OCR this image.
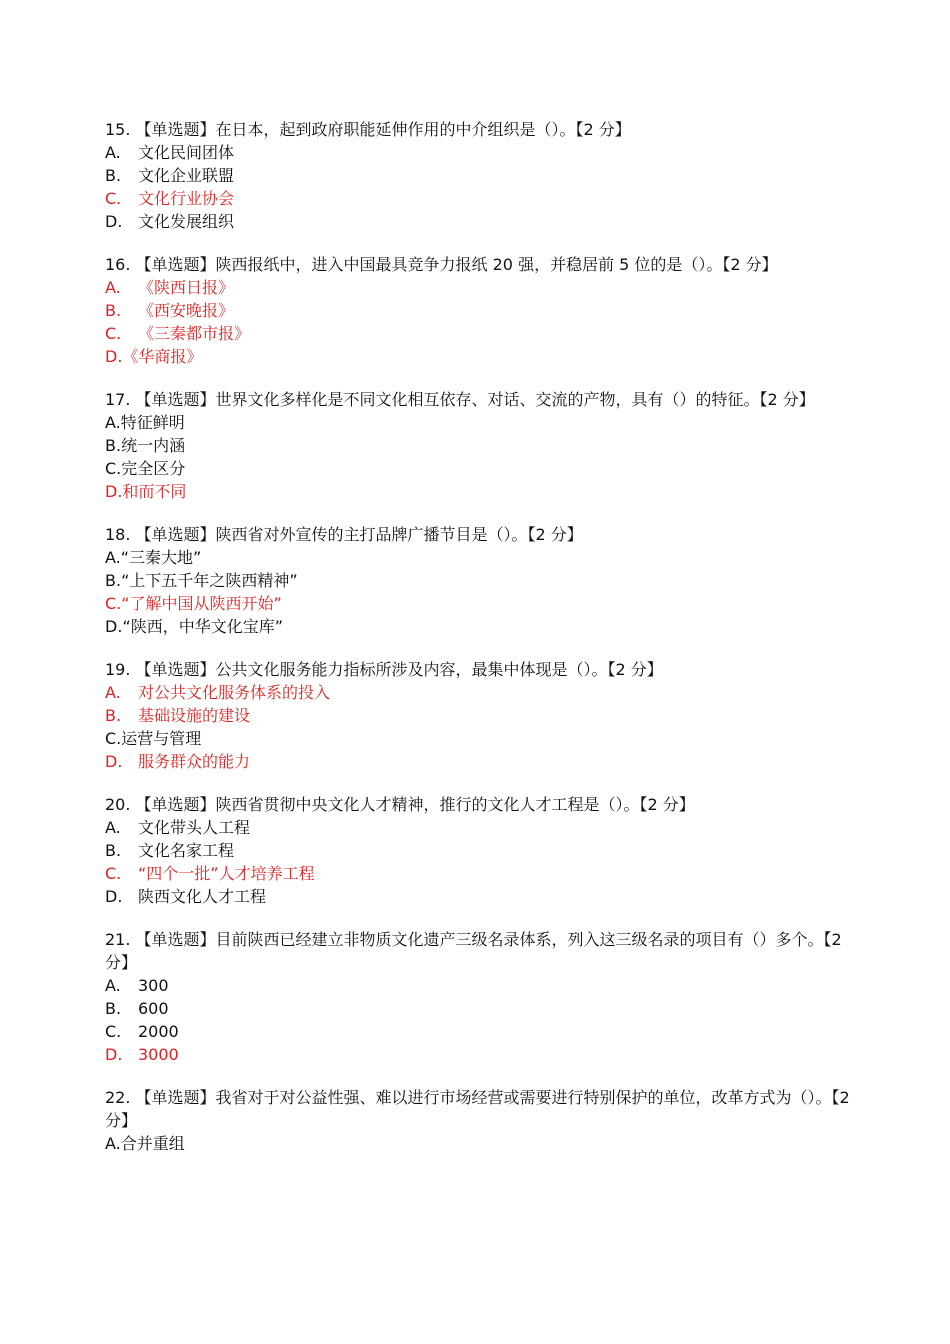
15. 【单选题】在日本，起到政府职能延伸作用的中介组织是（）。【2 分】

A. 文化民间团体
B. 文化企业联盟
C. 文化行业协会
D. 文化发展组织

16. 【单选题】陕西报纸中，进入中国最具竞争力报纸 20 强，并稳居前 5 位的是（）。【2 分】

A. 《陕西日报》
B. 《西安晚报》
C. 《三秦都市报》
D.《华商报》

17. 【单选题】世界文化多样化是不同文化相互依存、对话、交流的产物，具有（）的特征。【2 分】

A.特征鲜明
B.统一内涵
C.完全区分
D.和而不同

18. 【单选题】陕西省对外宣传的主打品牌广播节目是（）。【2 分】

A.“三秦大地”
B.“上下五千年之陕西精神”
C.“了解中国从陕西开始”
D.“陕西，中华文化宝库”

19. 【单选题】公共文化服务能力指标所涉及内容，最集中体现是（）。【2 分】

A. 对公共文化服务体系的投入
B. 基础设施的建设
C.运营与管理
D. 服务群众的能力

20. 【单选题】陕西省贯彻中央文化人才精神，推行的文化人才工程是（）。【2 分】

A. 文化带头人工程
B. 文化名家工程
C. “四个一批”人才培养工程
D. 陕西文化人才工程

21. 【单选题】目前陕西已经建立非物质文化遗产三级名录体系，列入这三级名录的项目有（）多个。【2 分】

A. 300
B. 600
C. 2000
D. 3000

22. 【单选题】我省对于对公益性强、难以进行市场经营或需要进行特别保护的单位，改革方式为（）。【2 分】

A.合并重组
